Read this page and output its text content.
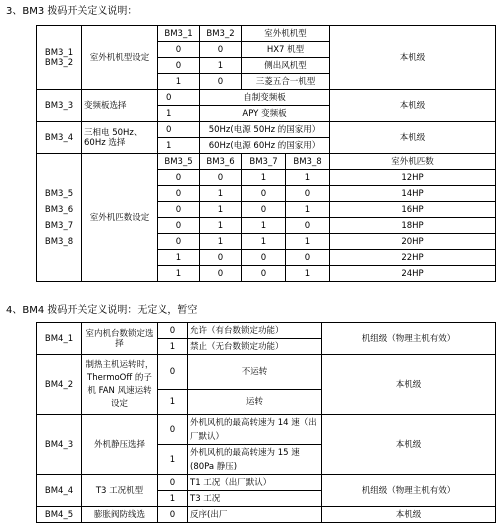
3、BM3 拨码开关定义说明：
BM3_1
BM3_2	室外机机型设定	BM3_1	BM3_2	室外机机型		本机级
		0	0	HX7 机型		
		0	1	侧出风机型		
		1	0	三菱五合一机型		
BM3_3	变频板选择	0	自制变频板			本机级
		1	APY 变频板			
BM3_4	三相电 50Hz、60Hz 选择	0	50Hz(电源 50Hz 的国家用）			本机级
		1	60Hz(电源 60Hz 的国家用）			
BM3_5
BM3_6
BM3_7
BM3_8	室外机匹数设定	BM3_5	BM3_6	BM3_7	BM3_8	室外机匹数
		0	0	1	1	12HP
		0	1	0	0	14HP
		0	1	0	1	16HP
		0	1	1	0	18HP
		0	1	1	1	20HP
		1	0	0	0	22HP
		1	0	0	1	24HP
4、BM4 拨码开关定义说明：无定义，暂空
BM4_1	室内机台数锁定选择	0	允许（有台数锁定功能）	机组级（物理主机有效）
		1	禁止（无台数锁定功能）	
BM4_2	制热主机运转时，ThermoOff 的子机 FAN 风速运转设定	0	不运转	本机级
		1	运转	
BM4_3	外机静压选择	0	外机风机的最高转速为 14 速（出厂默认）	本机级
		1	外机风机的最高转速为 15 速(80Pa 静压)	
BM4_4	T3 工况机型	0	T1 工况（出厂默认）	机组级（物理主机有效）
		1	T3 工况	
BM4_5	膨胀阀防线选	0	反序(出厂	本机级
